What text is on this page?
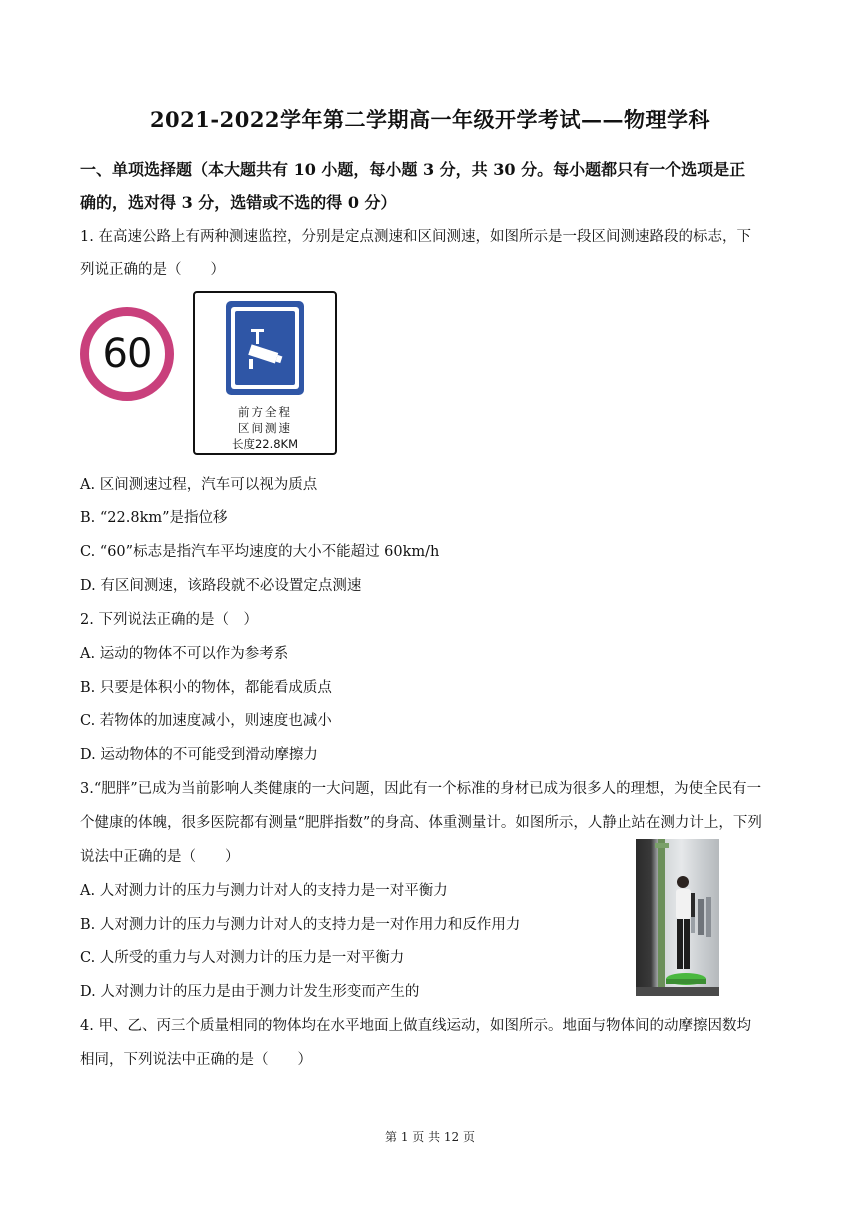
2021-2022学年第二学期高一年级开学考试——物理学科
一、单项选择题（本大题共有 10 小题，每小题 3 分，共 30 分。每小题都只有一个选项是正
确的，选对得 3 分，选错或不选的得 0 分）
1. 在高速公路上有两种测速监控，分别是定点测速和区间测速，如图所示是一段区间测速路段的标志，下
列说正确的是（　　）
60
前方全程
区间测速
长度22.8KM
A. 区间测速过程，汽车可以视为质点
B. “22.8km”是指位移
C. “60”标志是指汽车平均速度的大小不能超过 60km/h
D. 有区间测速，该路段就不必设置定点测速
2. 下列说法正确的是（　）
A. 运动的物体不可以作为参考系
B. 只要是体积小的物体，都能看成质点
C. 若物体的加速度减小，则速度也减小
D. 运动物体的不可能受到滑动摩擦力
3.“肥胖”已成为当前影响人类健康的一大问题，因此有一个标准的身材已成为很多人的理想，为使全民有一
个健康的体魄，很多医院都有测量“肥胖指数”的身高、体重测量计。如图所示，人静止站在测力计上，下列
说法中正确的是（　　）
A. 人对测力计的压力与测力计对人的支持力是一对平衡力
B. 人对测力计的压力与测力计对人的支持力是一对作用力和反作用力
C. 人所受的重力与人对测力计的压力是一对平衡力
D. 人对测力计的压力是由于测力计发生形变而产生的
4. 甲、乙、丙三个质量相同的物体均在水平地面上做直线运动，如图所示。地面与物体间的动摩擦因数均
相同，下列说法中正确的是（　　）
第 1 页 共 12 页
